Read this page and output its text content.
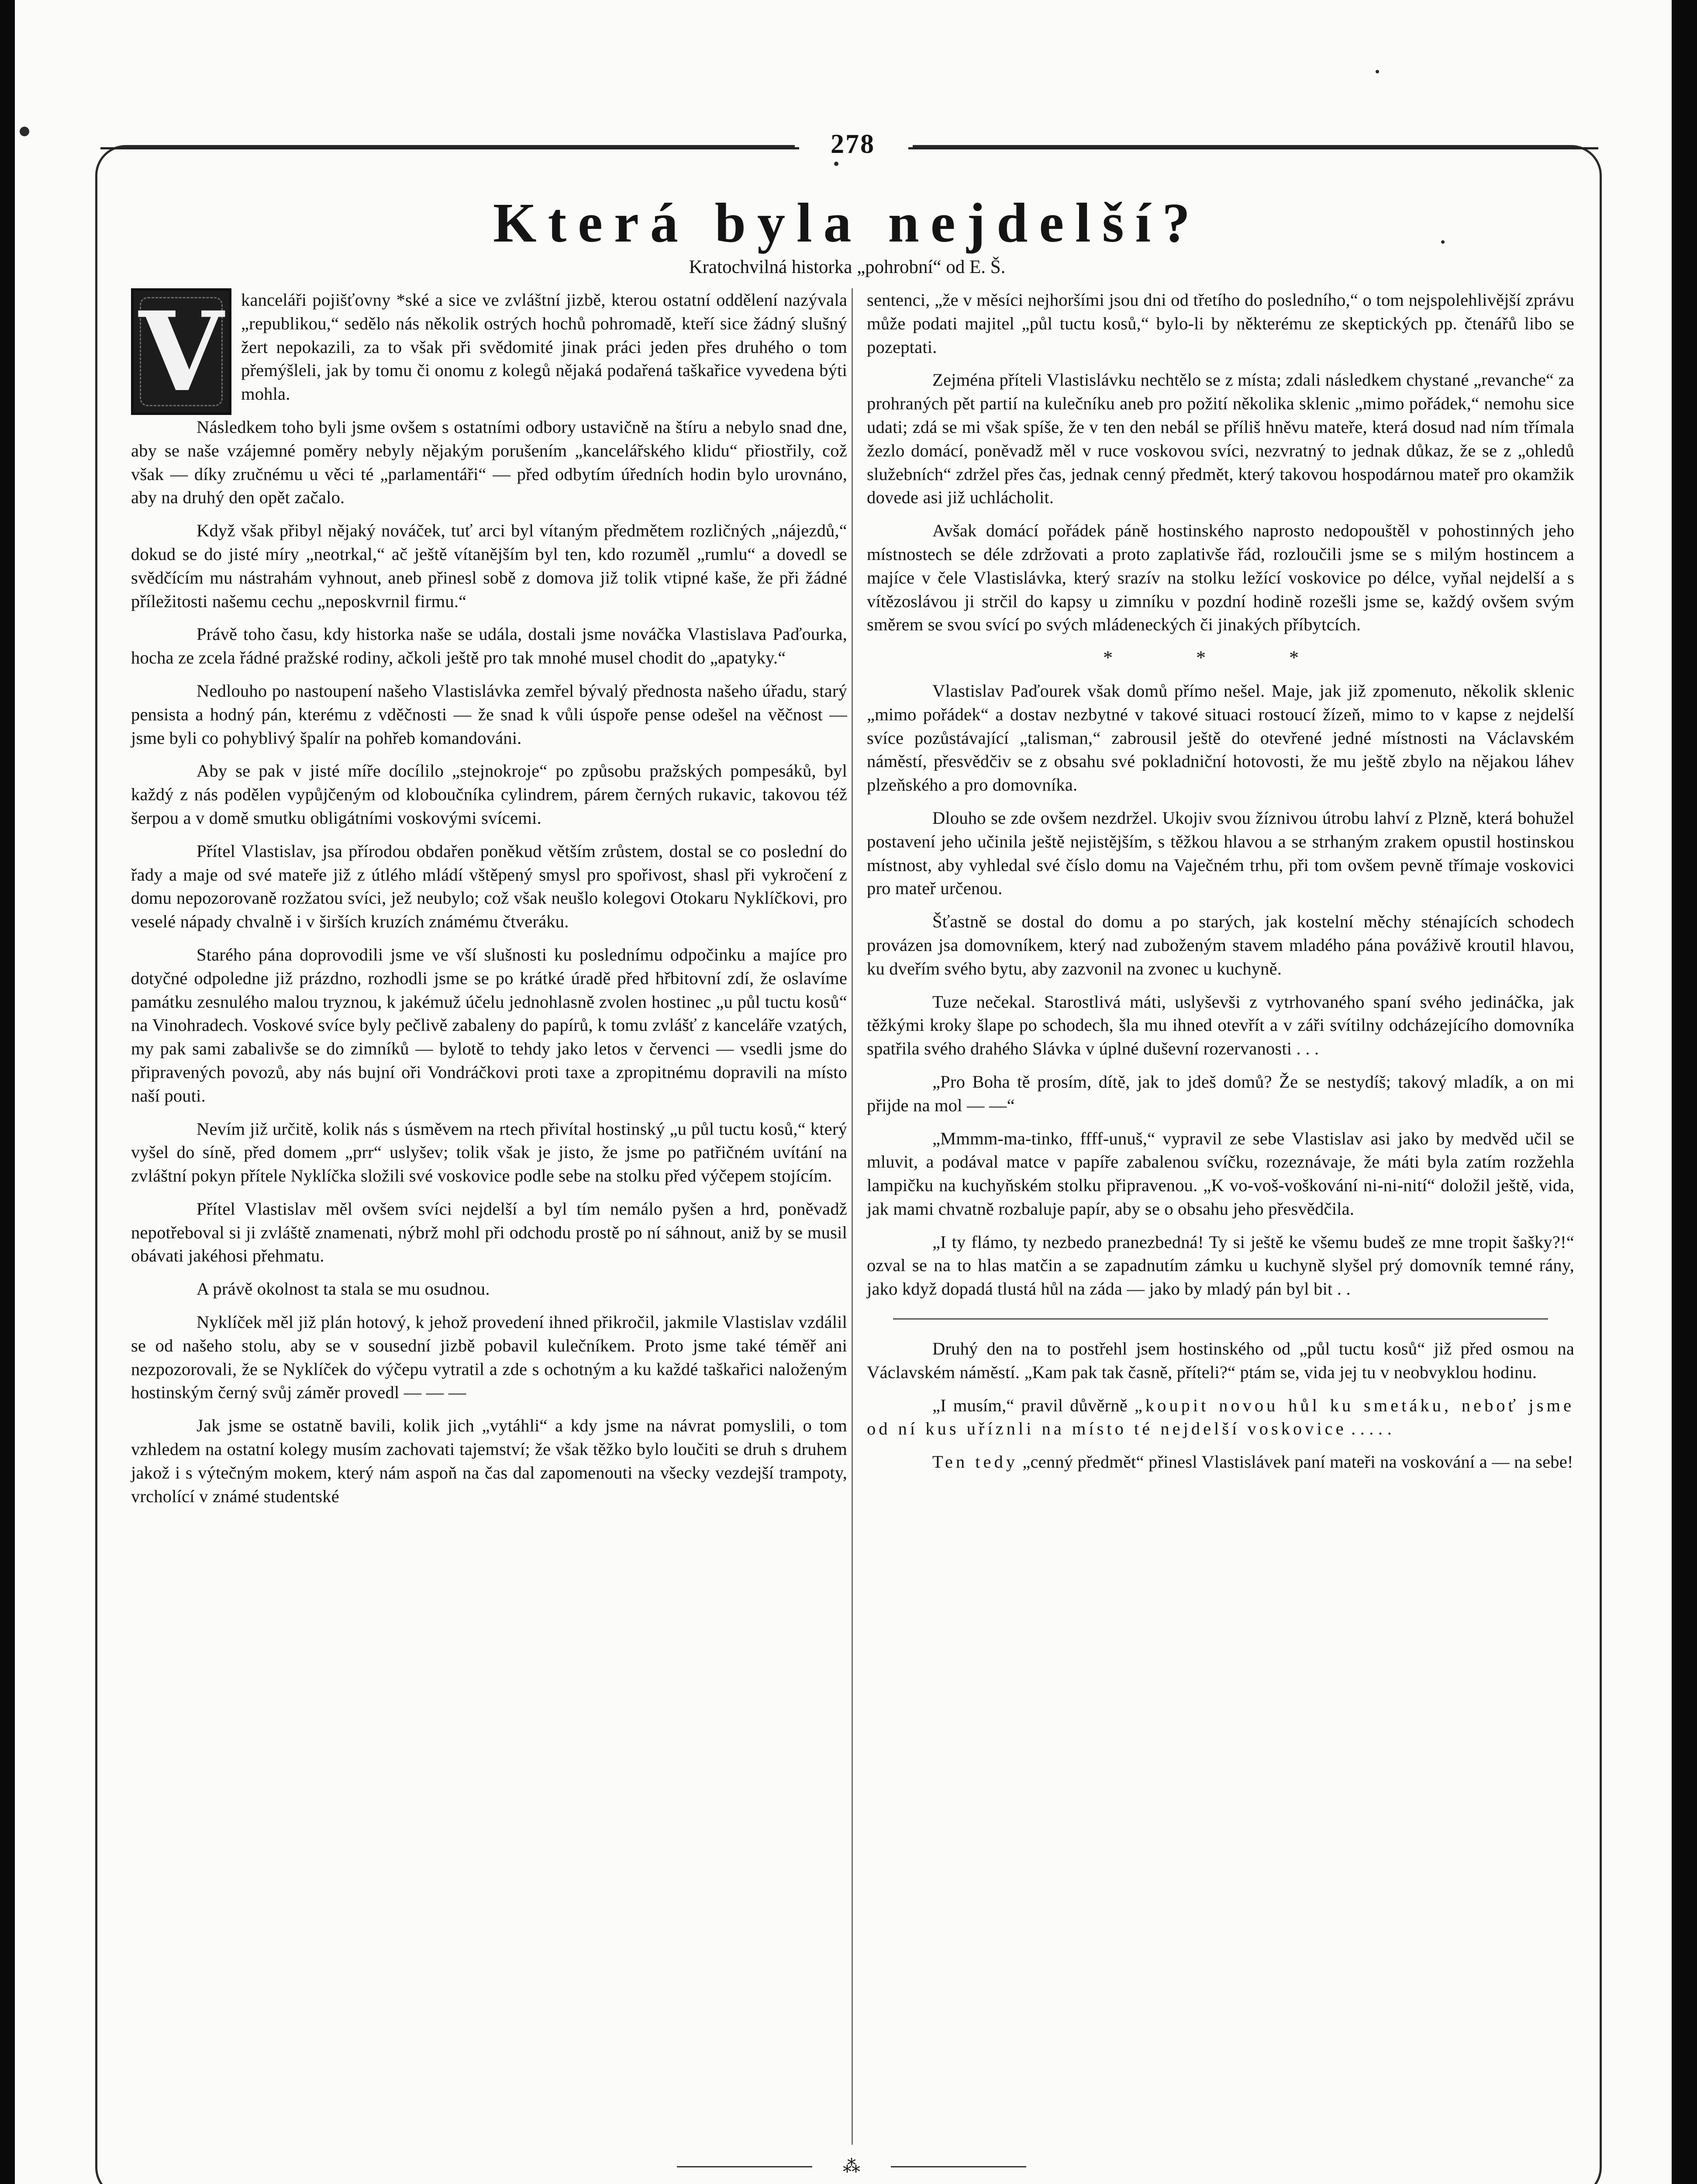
278
Která byla nejdelší?
Kratochvilná historka „pohrobní“ od E. Š.

V kanceláři pojišťovny *ské a sice ve zvláštní jizbě, kterou ostatní oddělení nazývala „republikou,“ sedělo nás několik ostrých hochů pohromadě, kteří sice žádný slušný žert nepokazili, za to však při svědomité jinak práci jeden přes druhého o tom přemýšleli, jak by tomu či onomu z kolegů nějaká podařená taškařice vyvedena býti mohla.

Následkem toho byli jsme ovšem s ostatními odbory ustavičně na štíru a nebylo snad dne, aby se naše vzájemné poměry nebyly nějakým porušením „kancelářského klidu“ přiostřily, což však — díky zručnému u věci té „parlamentáři“ — před odbytím úředních hodin bylo urovnáno, aby na druhý den opět začalo.

Když však přibyl nějaký nováček, tuť arci byl vítaným předmětem rozličných „nájezdů,“ dokud se do jisté míry „neotrkal,“ ač ještě vítanějším byl ten, kdo rozuměl „rumlu“ a dovedl se svědčícím mu nástrahám vyhnout, aneb přinesl sobě z domova již tolik vtipné kaše, že při žádné příležitosti našemu cechu „neposkvrnil firmu.“

Právě toho času, kdy historka naše se udála, dostali jsme nováčka Vlastislava Paďourka, hocha ze zcela řádné pražské rodiny, ačkoli ještě pro tak mnohé musel chodit do „apatyky.“

Nedlouho po nastoupení našeho Vlastislávka zemřel bývalý přednosta našeho úřadu, starý pensista a hodný pán, kterému z vděčnosti — že snad k vůli úspoře pense odešel na věčnost — jsme byli co pohyblivý špalír na pohřeb komandováni.

Aby se pak v jisté míře docílilo „stejnokroje“ po způsobu pražských pompesáků, byl každý z nás podělen vypůjčeným od kloboučníka cylindrem, párem černých rukavic, takovou též šerpou a v domě smutku obligátními voskovými svícemi.

Přítel Vlastislav, jsa přírodou obdařen poněkud větším zrůstem, dostal se co poslední do řady a maje od své mateře již z útlého mládí vštěpený smysl pro spořivost, shasl při vykročení z domu nepozorovaně rozžatou svíci, jež neubylo; což však neušlo kolegovi Otokaru Nyklíčkovi, pro veselé nápady chvalně i v širších kruzích známému čtveráku.

Starého pána doprovodili jsme ve vší slušnosti ku poslednímu odpočinku a majíce pro dotyčné odpoledne již prázdno, rozhodli jsme se po krátké úradě před hřbitovní zdí, že oslavíme památku zesnulého malou tryznou, k jakémuž účelu jednohlasně zvolen hostinec „u půl tuctu kosů“ na Vinohradech. Voskové svíce byly pečlivě zabaleny do papírů, k tomu zvlášť z kanceláře vzatých, my pak sami zabalivše se do zimníků — bylotě to tehdy jako letos v červenci — vsedli jsme do připravených povozů, aby nás bujní oři Vondráčkovi proti taxe a zpropitnému dopravili na místo naší pouti.

Nevím již určitě, kolik nás s úsměvem na rtech přivítal hostinský „u půl tuctu kosů,“ který vyšel do síně, před domem „prr“ uslyšev; tolik však je jisto, že jsme po patřičném uvítání na zvláštní pokyn přítele Nyklíčka složili své voskovice podle sebe na stolku před výčepem stojícím.

Přítel Vlastislav měl ovšem svíci nejdelší a byl tím nemálo pyšen a hrd, poněvadž nepotřeboval si ji zvláště znamenati, nýbrž mohl při odchodu prostě po ní sáhnout, aniž by se musil obávati jakéhosi přehmatu.

A právě okolnost ta stala se mu osudnou.

Nyklíček měl již plán hotový, k jehož provedení ihned přikročil, jakmile Vlastislav vzdálil se od našeho stolu, aby se v sousední jizbě pobavil kulečníkem. Proto jsme také téměř ani nezpozorovali, že se Nyklíček do výčepu vytratil a zde s ochotným a ku každé taškařici naloženým hostinským černý svůj záměr provedl — — —

Jak jsme se ostatně bavili, kolik jich „vytáhli“ a kdy jsme na návrat pomyslili, o tom vzhledem na ostatní kolegy musím zachovati tajemství; že však těžko bylo loučiti se druh s druhem jakož i s výtečným mokem, který nám aspoň na čas dal zapomenouti na všecky vezdejší trampoty, vrcholící v známé studentské

sentenci, „že v měsíci nejhoršími jsou dni od třetího do posledního,“ o tom nejspolehlivější zprávu může podati majitel „půl tuctu kosů,“ bylo-li by některému ze skeptických pp. čtenářů libo se pozeptati.

Zejména příteli Vlastislávku nechtělo se z místa; zdali následkem chystané „revanche“ za prohraných pět partií na kulečníku aneb pro požití několika sklenic „mimo pořádek,“ nemohu sice udati; zdá se mi však spíše, že v ten den nebál se příliš hněvu mateře, která dosud nad ním třímala žezlo domácí, poněvadž měl v ruce voskovou svíci, nezvratný to jednak důkaz, že se z „ohledů služebních“ zdržel přes čas, jednak cenný předmět, který takovou hospodárnou mateř pro okamžik dovede asi již uchlácholit.

Avšak domácí pořádek páně hostinského naprosto nedopouštěl v pohostinných jeho místnostech se déle zdržovati a proto zaplativše řád, rozloučili jsme se s milým hostincem a majíce v čele Vlastislávka, který srazív na stolku ležící voskovice po délce, vyňal nejdelší a s vítězoslávou ji strčil do kapsy u zimníku v pozdní hodině rozešli jsme se, každý ovšem svým směrem se svou svící po svých mládeneckých či jinakých příbytcích.

* * *

Vlastislav Paďourek však domů přímo nešel. Maje, jak již zpomenuto, několik sklenic „mimo pořádek“ a dostav nezbytné v takové situaci rostoucí žízeň, mimo to v kapse z nejdelší svíce pozůstávající „talisman,“ zabrousil ještě do otevřené jedné místnosti na Václavském náměstí, přesvědčiv se z obsahu své pokladniční hotovosti, že mu ještě zbylo na nějakou láhev plzeňského a pro domovníka.

Dlouho se zde ovšem nezdržel. Ukojiv svou žíznivou útrobu lahví z Plzně, která bohužel postavení jeho učinila ještě nejistějším, s těžkou hlavou a se strhaným zrakem opustil hostinskou místnost, aby vyhledal své číslo domu na Vaječném trhu, při tom ovšem pevně třímaje voskovici pro mateř určenou.

Šťastně se dostal do domu a po starých, jak kostelní měchy sténajících schodech provázen jsa domovníkem, který nad zuboženým stavem mladého pána pováživě kroutil hlavou, ku dveřím svého bytu, aby zazvonil na zvonec u kuchyně.

Tuze nečekal. Starostlivá máti, uslyševši z vytrhovaného spaní svého jedináčka, jak těžkými kroky šlape po schodech, šla mu ihned otevřít a v záři svítilny odcházejícího domovníka spatřila svého drahého Slávka v úplné duševní rozervanosti . . .

„Pro Boha tě prosím, dítě, jak to jdeš domů? Že se nestydíš; takový mladík, a on mi přijde na mol — —“

„Mmmm-ma-tinko, ffff-unuš,“ vypravil ze sebe Vlastislav asi jako by medvěd učil se mluvit, a podával matce v papíře zabalenou svíčku, rozeznávaje, že máti byla zatím rozžehla lampičku na kuchyňském stolku připravenou. „K vo-voš-voškování ni-ni-nití“ doložil ještě, vida, jak mami chvatně rozbaluje papír, aby se o obsahu jeho přesvědčila.

„I ty flámo, ty nezbedo pranezbedná! Ty si ještě ke všemu budeš ze mne tropit šašky?!“ ozval se na to hlas matčin a se zapadnutím zámku u kuchyně slyšel prý domovník temné rány, jako když dopadá tlustá hůl na záda — jako by mladý pán byl bit . .

Druhý den na to postřehl jsem hostinského od „půl tuctu kosů“ již před osmou na Václavském náměstí. „Kam pak tak časně, příteli?“ ptám se, vida jej tu v neobvyklou hodinu.

„I musím,“ pravil důvěrně „koupit novou hůl ku smetáku, neboť jsme od ní kus uříznli na místo té nejdelší voskovice . . . . .

Ten tedy „cenný předmět“ přinesl Vlastislávek paní mateři na voskování a — na sebe!

⁂
